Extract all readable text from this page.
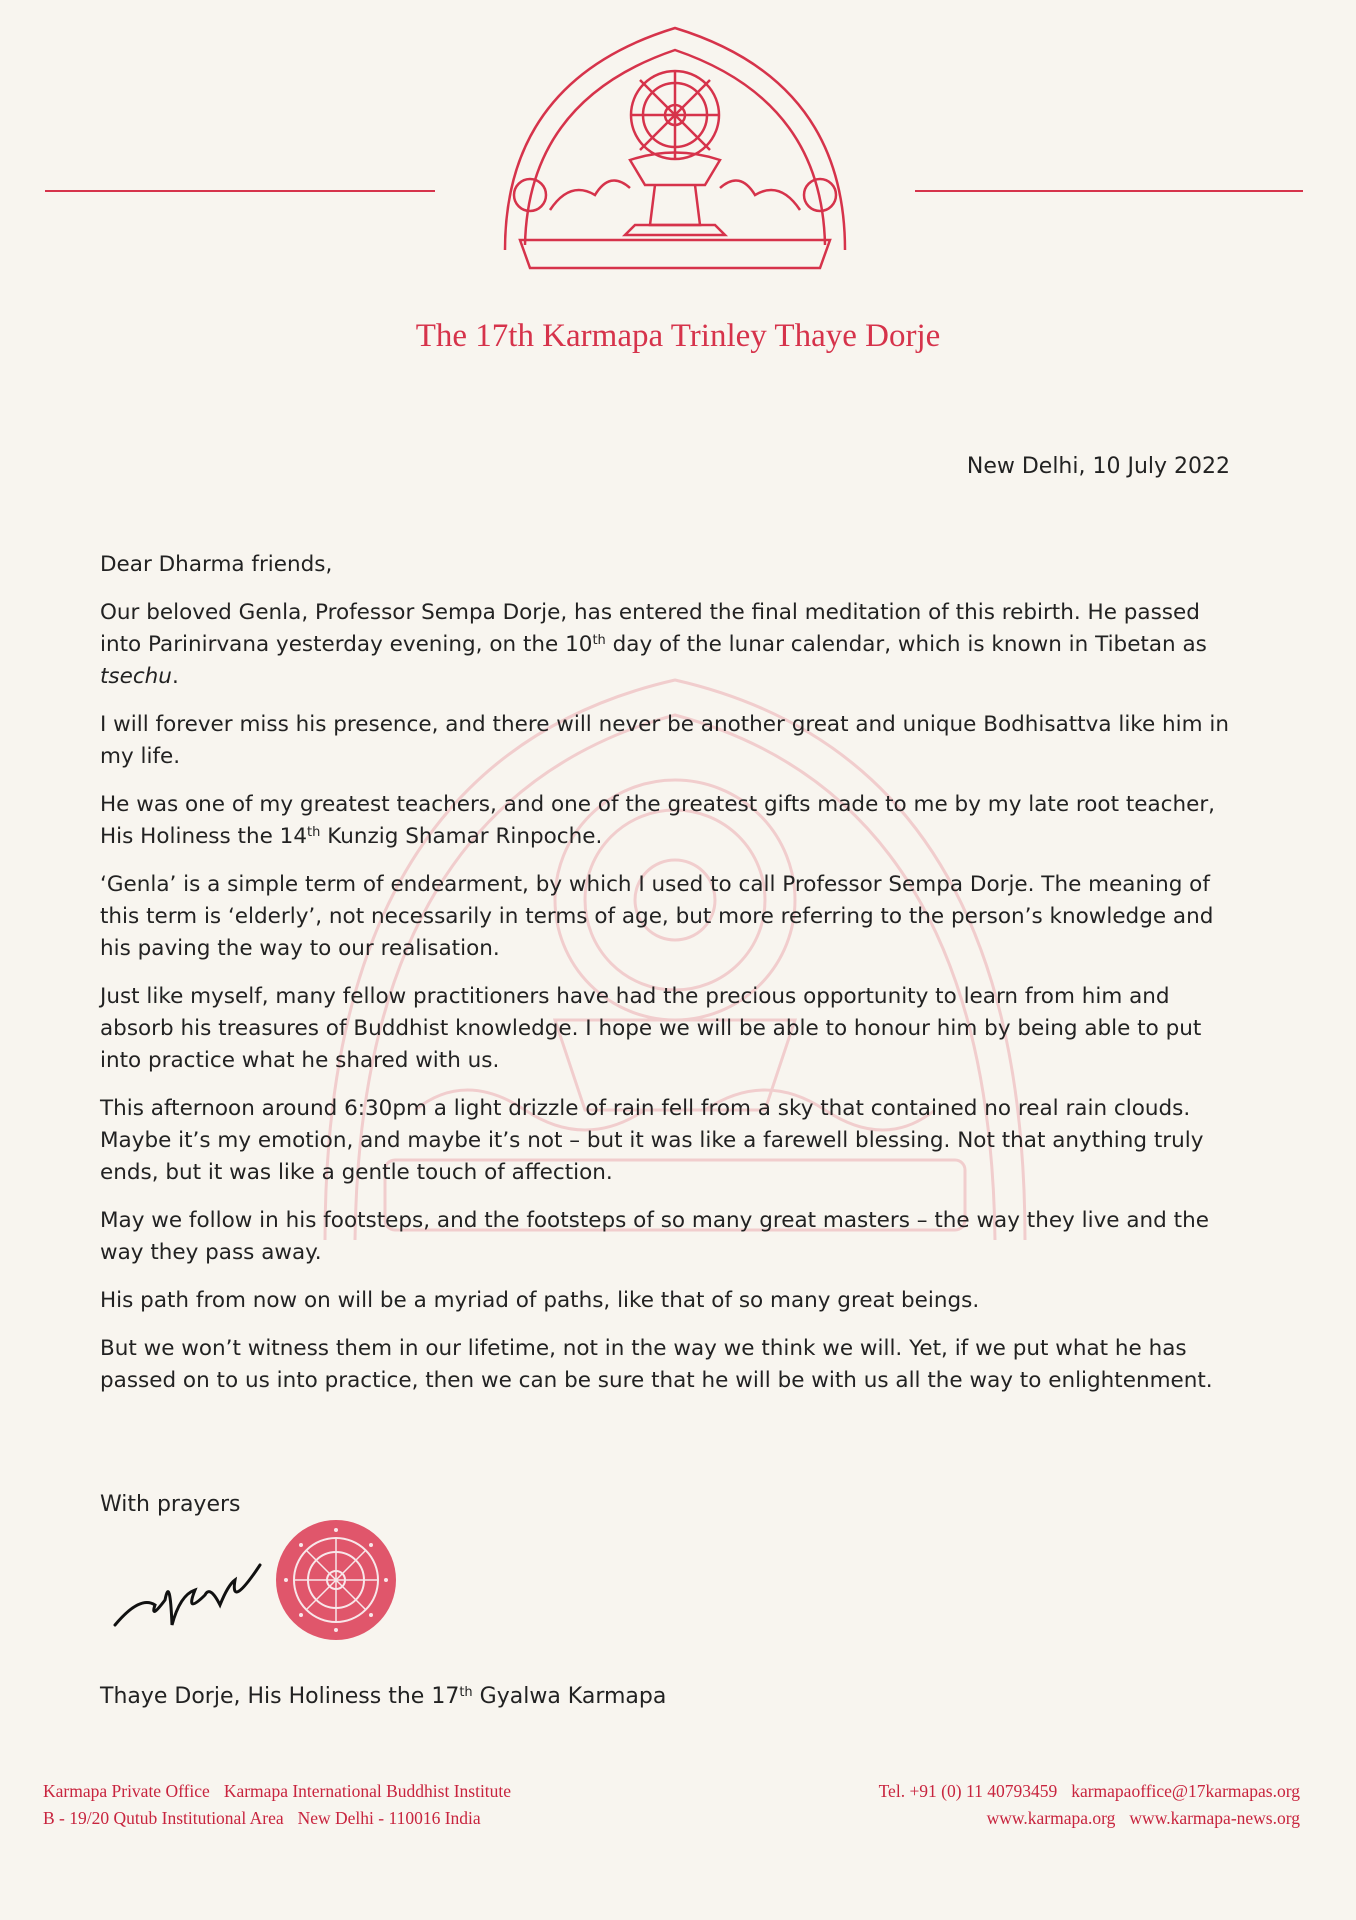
The 17th Karmapa Trinley Thaye Dorje
New Delhi, 10 July 2022

Dear Dharma friends,

Our beloved Genla, Professor Sempa Dorje, has entered the final meditation of this rebirth. He passed into Parinirvana yesterday evening, on the 10th day of the lunar calendar, which is known in Tibetan as tsechu.

I will forever miss his presence, and there will never be another great and unique Bodhisattva like him in my life.

He was one of my greatest teachers, and one of the greatest gifts made to me by my late root teacher, His Holiness the 14th Kunzig Shamar Rinpoche.

‘Genla’ is a simple term of endearment, by which I used to call Professor Sempa Dorje. The meaning of this term is ‘elderly’, not necessarily in terms of age, but more referring to the person’s knowledge and his paving the way to our realisation.

Just like myself, many fellow practitioners have had the precious opportunity to learn from him and absorb his treasures of Buddhist knowledge. I hope we will be able to honour him by being able to put into practice what he shared with us.

This afternoon around 6:30pm a light drizzle of rain fell from a sky that contained no real rain clouds. Maybe it’s my emotion, and maybe it’s not – but it was like a farewell blessing. Not that anything truly ends, but it was like a gentle touch of affection.

May we follow in his footsteps, and the footsteps of so many great masters – the way they live and the way they pass away.

His path from now on will be a myriad of paths, like that of so many great beings.

But we won’t witness them in our lifetime, not in the way we think we will. Yet, if we put what he has passed on to us into practice, then we can be sure that he will be with us all the way to enlightenment.

With prayers
Thaye Dorje, His Holiness the 17th Gyalwa Karmapa
Karmapa Private Office Karmapa International Buddhist Institute
B - 19/20 Qutub Institutional Area New Delhi - 110016 India
Tel. +91 (0) 11 40793459 karmapaoffice@17karmapas.org
www.karmapa.org www.karmapa-news.org
